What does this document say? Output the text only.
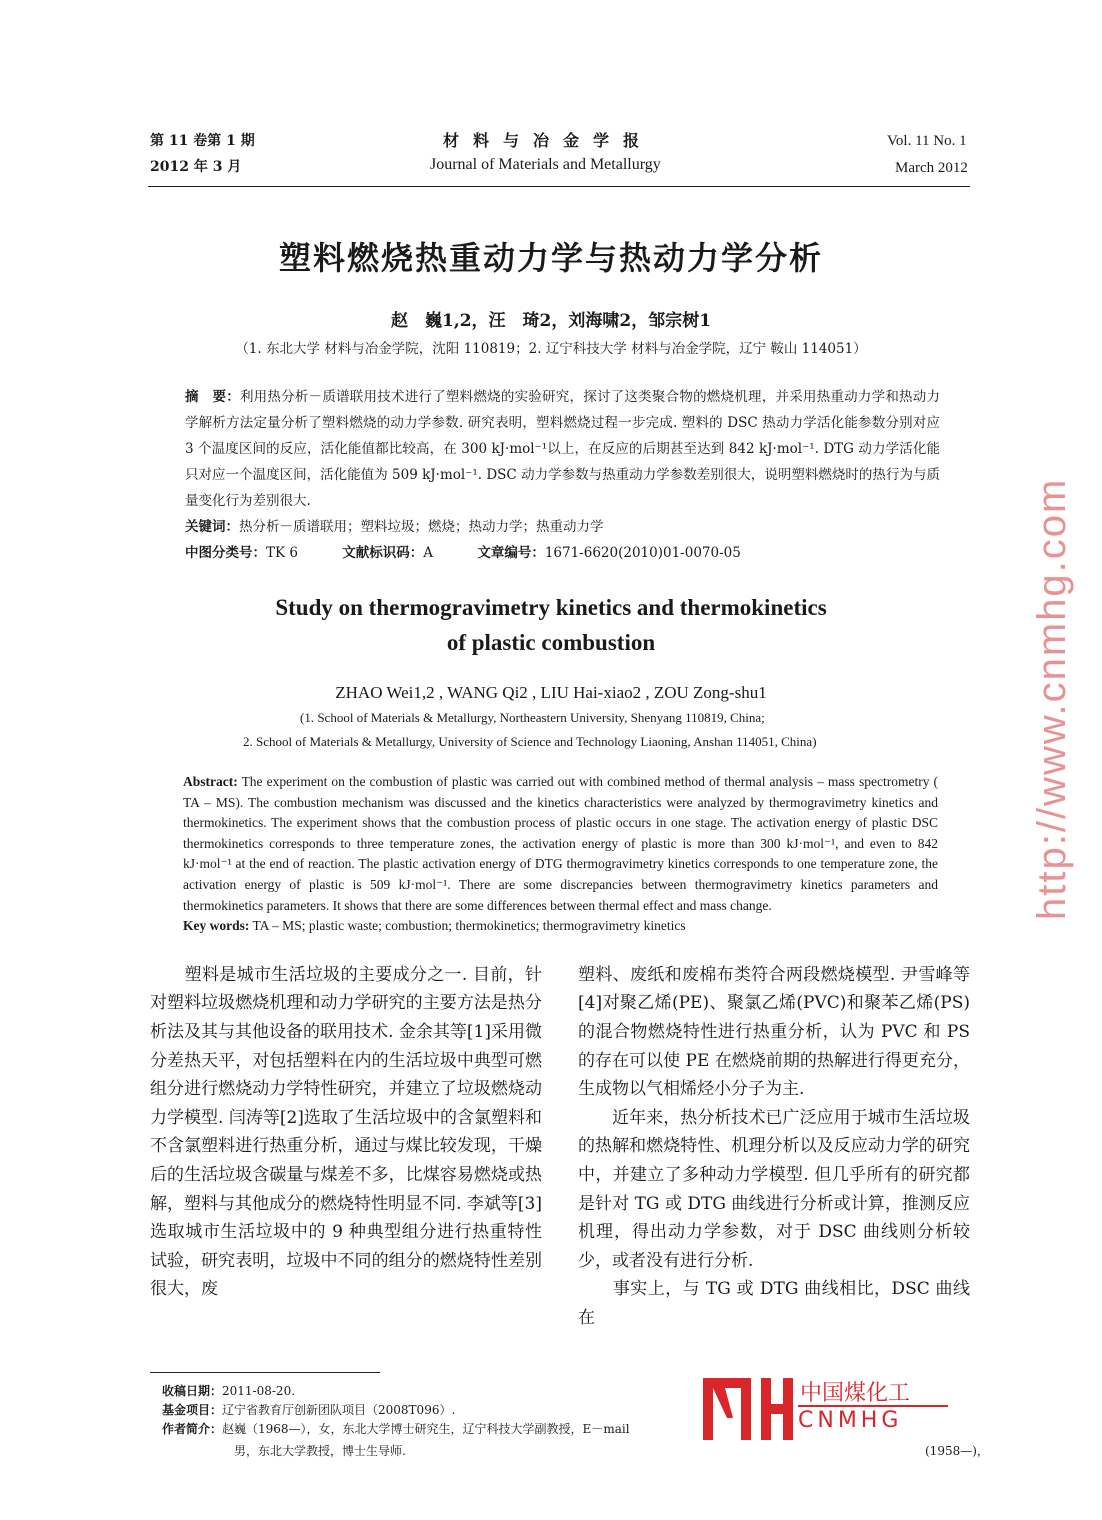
第 11 卷第 1 期
2012 年 3 月
材料与冶金学报
Journal of Materials and Metallurgy
Vol. 11 No. 1
March 2012
塑料燃烧热重动力学与热动力学分析
赵　巍1,2，汪　琦2，刘海啸2，邹宗树1
（1. 东北大学 材料与冶金学院，沈阳 110819；2. 辽宁科技大学 材料与冶金学院，辽宁 鞍山 114051）
摘　要：利用热分析－质谱联用技术进行了塑料燃烧的实验研究，探讨了这类聚合物的燃烧机理，并采用热重动力学和热动力学解析方法定量分析了塑料燃烧的动力学参数. 研究表明，塑料燃烧过程一步完成. 塑料的 DSC 热动力学活化能参数分别对应 3 个温度区间的反应，活化能值都比较高，在 300 kJ·mol⁻¹以上，在反应的后期甚至达到 842 kJ·mol⁻¹. DTG 动力学活化能只对应一个温度区间，活化能值为 509 kJ·mol⁻¹. DSC 动力学参数与热重动力学参数差别很大，说明塑料燃烧时的热行为与质量变化行为差别很大.
关键词：热分析－质谱联用；塑料垃圾；燃烧；热动力学；热重动力学
中图分类号：TK 6	文献标识码：A	文章编号：1671-6620(2010)01-0070-05
Study on thermogravimetry kinetics and thermokinetics
of plastic combustion
ZHAO Wei1,2 , WANG Qi2 , LIU Hai-xiao2 , ZOU Zong-shu1
(1. School of Materials & Metallurgy, Northeastern University, Shenyang 110819, China;
2. School of Materials & Metallurgy, University of Science and Technology Liaoning, Anshan 114051, China)
Abstract: The experiment on the combustion of plastic was carried out with combined method of thermal analysis – mass spectrometry ( TA – MS). The combustion mechanism was discussed and the kinetics characteristics were analyzed by thermogravimetry kinetics and thermokinetics. The experiment shows that the combustion process of plastic occurs in one stage. The activation energy of plastic DSC thermokinetics corresponds to three temperature zones, the activation energy of plastic is more than 300 kJ·mol⁻¹, and even to 842 kJ·mol⁻¹ at the end of reaction. The plastic activation energy of DTG thermogravimetry kinetics corresponds to one temperature zone, the activation energy of plastic is 509 kJ·mol⁻¹. There are some discrepancies between thermogravimetry kinetics parameters and thermokinetics parameters. It shows that there are some differences between thermal effect and mass change.
Key words: TA – MS; plastic waste; combustion; thermokinetics; thermogravimetry kinetics
　　塑料是城市生活垃圾的主要成分之一. 目前，针对塑料垃圾燃烧机理和动力学研究的主要方法是热分析法及其与其他设备的联用技术. 金余其等[1]采用微分差热天平，对包括塑料在内的生活垃圾中典型可燃组分进行燃烧动力学特性研究，并建立了垃圾燃烧动力学模型. 闫涛等[2]选取了生活垃圾中的含氯塑料和不含氯塑料进行热重分析，通过与煤比较发现，干燥后的生活垃圾含碳量与煤差不多，比煤容易燃烧或热解，塑料与其他成分的燃烧特性明显不同. 李斌等[3]选取城市生活垃圾中的 9 种典型组分进行热重特性试验，研究表明，垃圾中不同的组分的燃烧特性差别很大，废
塑料、废纸和废棉布类符合两段燃烧模型. 尹雪峰等[4]对聚乙烯(PE)、聚氯乙烯(PVC)和聚苯乙烯(PS)的混合物燃烧特性进行热重分析，认为 PVC 和 PS 的存在可以使 PE 在燃烧前期的热解进行得更充分，生成物以气相烯烃小分子为主.
　　近年来，热分析技术已广泛应用于城市生活垃圾的热解和燃烧特性、机理分析以及反应动力学的研究中，并建立了多种动力学模型. 但几乎所有的研究都是针对 TG 或 DTG 曲线进行分析或计算，推测反应机理，得出动力学参数，对于 DSC 曲线则分析较少，或者没有进行分析.
　　事实上，与 TG 或 DTG 曲线相比，DSC 曲线在
收稿日期：2011-08-20.
基金项目：辽宁省教育厅创新团队项目（2008T096）.
作者简介：赵巍（1968—），女，东北大学博士研究生，辽宁科技大学副教授，E－mail
(1958—)，
男，东北大学教授，博士生导师.
中国煤化工
CNMHG
http://www.cnmhg.com
